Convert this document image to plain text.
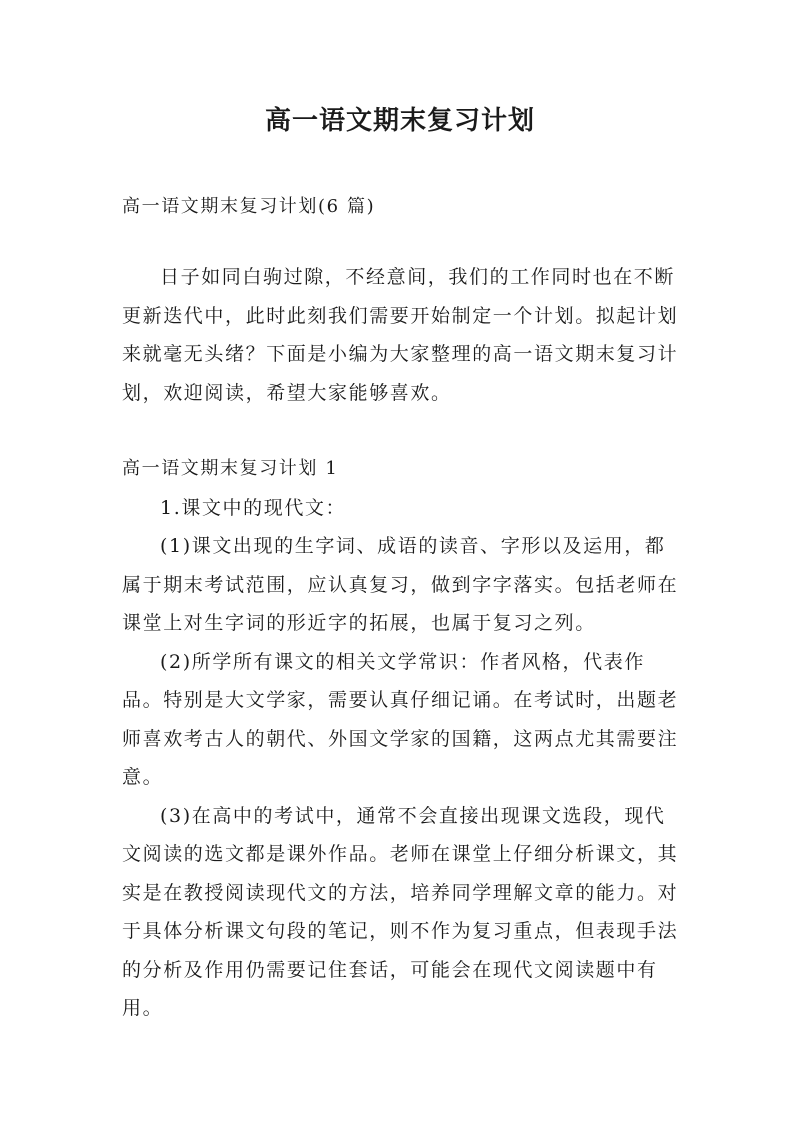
高一语文期末复习计划
高一语文期末复习计划(6 篇)

日子如同白驹过隙，不经意间，我们的工作同时也在不断更新迭代中，此时此刻我们需要开始制定一个计划。拟起计划来就毫无头绪？下面是小编为大家整理的高一语文期末复习计划，欢迎阅读，希望大家能够喜欢。

高一语文期末复习计划 1

1.课文中的现代文：

(1)课文出现的生字词、成语的读音、字形以及运用，都属于期末考试范围，应认真复习，做到字字落实。包括老师在课堂上对生字词的形近字的拓展，也属于复习之列。

(2)所学所有课文的相关文学常识：作者风格，代表作品。特别是大文学家，需要认真仔细记诵。在考试时，出题老师喜欢考古人的朝代、外国文学家的国籍，这两点尤其需要注意。

(3)在高中的考试中，通常不会直接出现课文选段，现代文阅读的选文都是课外作品。老师在课堂上仔细分析课文，其实是在教授阅读现代文的方法，培养同学理解文章的能力。对于具体分析课文句段的笔记，则不作为复习重点，但表现手法的分析及作用仍需要记住套话，可能会在现代文阅读题中有用。
